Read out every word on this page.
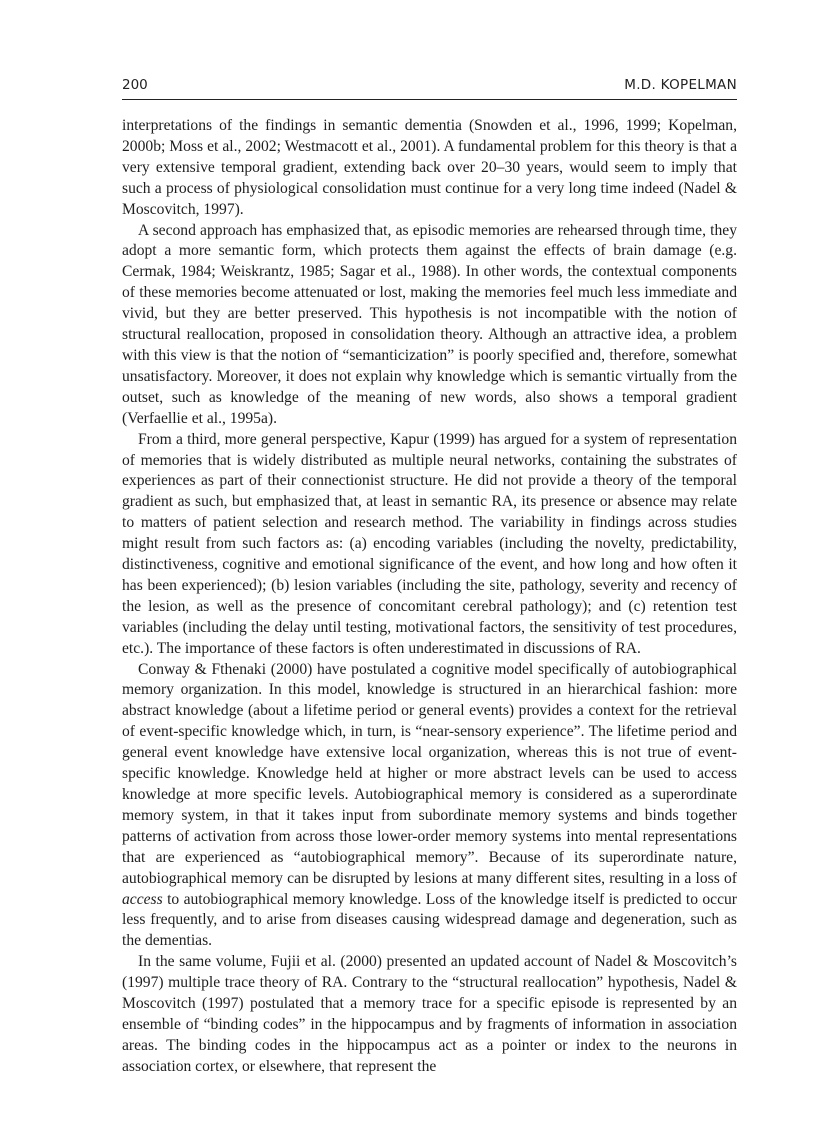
200	M.D. KOPELMAN

interpretations of the findings in semantic dementia (Snowden et al., 1996, 1999; Kopelman, 2000b; Moss et al., 2002; Westmacott et al., 2001). A fundamental problem for this theory is that a very extensive temporal gradient, extending back over 20–30 years, would seem to imply that such a process of physiological consolidation must continue for a very long time indeed (Nadel & Moscovitch, 1997).

A second approach has emphasized that, as episodic memories are rehearsed through time, they adopt a more semantic form, which protects them against the effects of brain damage (e.g. Cermak, 1984; Weiskrantz, 1985; Sagar et al., 1988). In other words, the contextual components of these memories become attenuated or lost, making the memories feel much less immediate and vivid, but they are better preserved. This hypothesis is not incompatible with the notion of structural reallocation, proposed in consolidation theory. Although an attractive idea, a problem with this view is that the notion of “semanticization” is poorly specified and, therefore, somewhat unsatisfactory. Moreover, it does not explain why knowledge which is semantic virtually from the outset, such as knowledge of the meaning of new words, also shows a temporal gradient (Verfaellie et al., 1995a).

From a third, more general perspective, Kapur (1999) has argued for a system of representation of memories that is widely distributed as multiple neural networks, containing the substrates of experiences as part of their connectionist structure. He did not provide a theory of the temporal gradient as such, but emphasized that, at least in semantic RA, its presence or absence may relate to matters of patient selection and research method. The variability in findings across studies might result from such factors as: (a) encoding variables (including the novelty, predictability, distinctiveness, cognitive and emotional significance of the event, and how long and how often it has been experienced); (b) lesion variables (including the site, pathology, severity and recency of the lesion, as well as the presence of concomitant cerebral pathology); and (c) retention test variables (including the delay until testing, motivational factors, the sensitivity of test procedures, etc.). The importance of these factors is often underestimated in discussions of RA.

Conway & Fthenaki (2000) have postulated a cognitive model specifically of autobiographical memory organization. In this model, knowledge is structured in an hierarchical fashion: more abstract knowledge (about a lifetime period or general events) provides a context for the retrieval of event-specific knowledge which, in turn, is “near-sensory experience”. The lifetime period and general event knowledge have extensive local organization, whereas this is not true of event-specific knowledge. Knowledge held at higher or more abstract levels can be used to access knowledge at more specific levels. Autobiographical memory is considered as a superordinate memory system, in that it takes input from subordinate memory systems and binds together patterns of activation from across those lower-order memory systems into mental representations that are experienced as “autobiographical memory”. Because of its superordinate nature, autobiographical memory can be disrupted by lesions at many different sites, resulting in a loss of access to autobiographical memory knowledge. Loss of the knowledge itself is predicted to occur less frequently, and to arise from diseases causing widespread damage and degeneration, such as the dementias.

In the same volume, Fujii et al. (2000) presented an updated account of Nadel & Moscovitch’s (1997) multiple trace theory of RA. Contrary to the “structural reallocation” hypothesis, Nadel & Moscovitch (1997) postulated that a memory trace for a specific episode is represented by an ensemble of “binding codes” in the hippocampus and by fragments of information in association areas. The binding codes in the hippocampus act as a pointer or index to the neurons in association cortex, or elsewhere, that represent the
